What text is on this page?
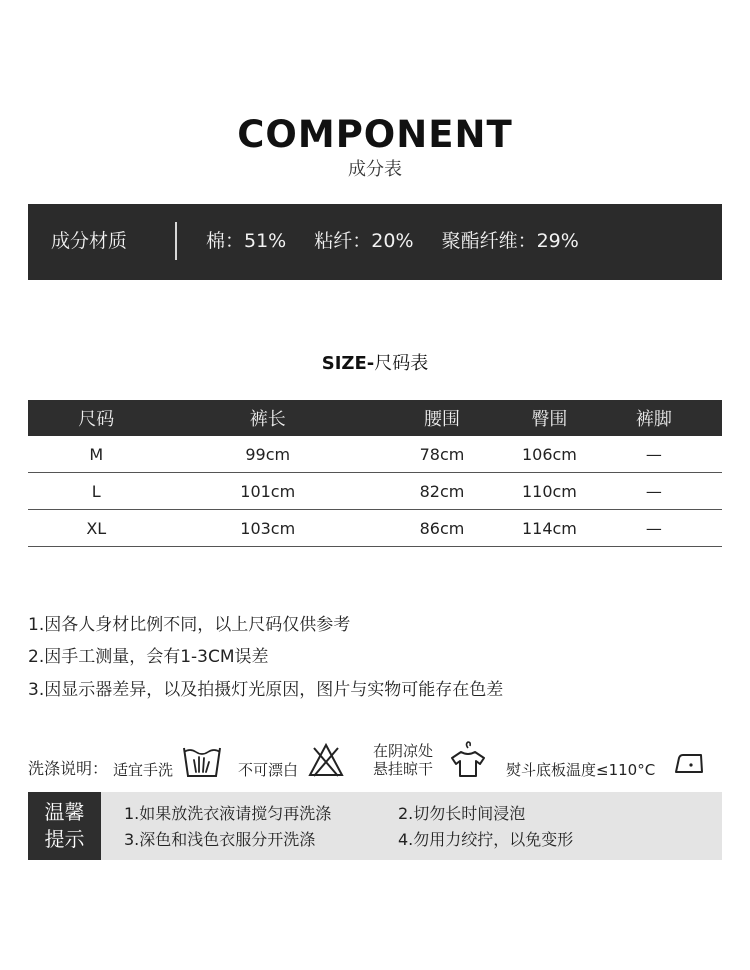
COMPONENT
成分表
成分材质	棉：51% 粘纤：20% 聚酯纤维：29%
SIZE-尺码表
尺码	裤长	腰围	臀围	裤脚
M	99cm	78cm	106cm	—
L	101cm	82cm	110cm	—
XL	103cm	86cm	114cm	—
1.因各人身材比例不同，以上尺码仅供参考
2.因手工测量，会有1-3CM误差
3.因显示器差异，以及拍摄灯光原因，图片与实物可能存在色差
洗涤说明： 适宜手洗	不可漂白
在阴凉处
悬挂晾干	熨斗底板温度≤110°C
温馨
提示
1.如果放洗衣液请搅匀再洗涤	2.切勿长时间浸泡
3.深色和浅色衣服分开洗涤	4.勿用力绞拧，以免变形
